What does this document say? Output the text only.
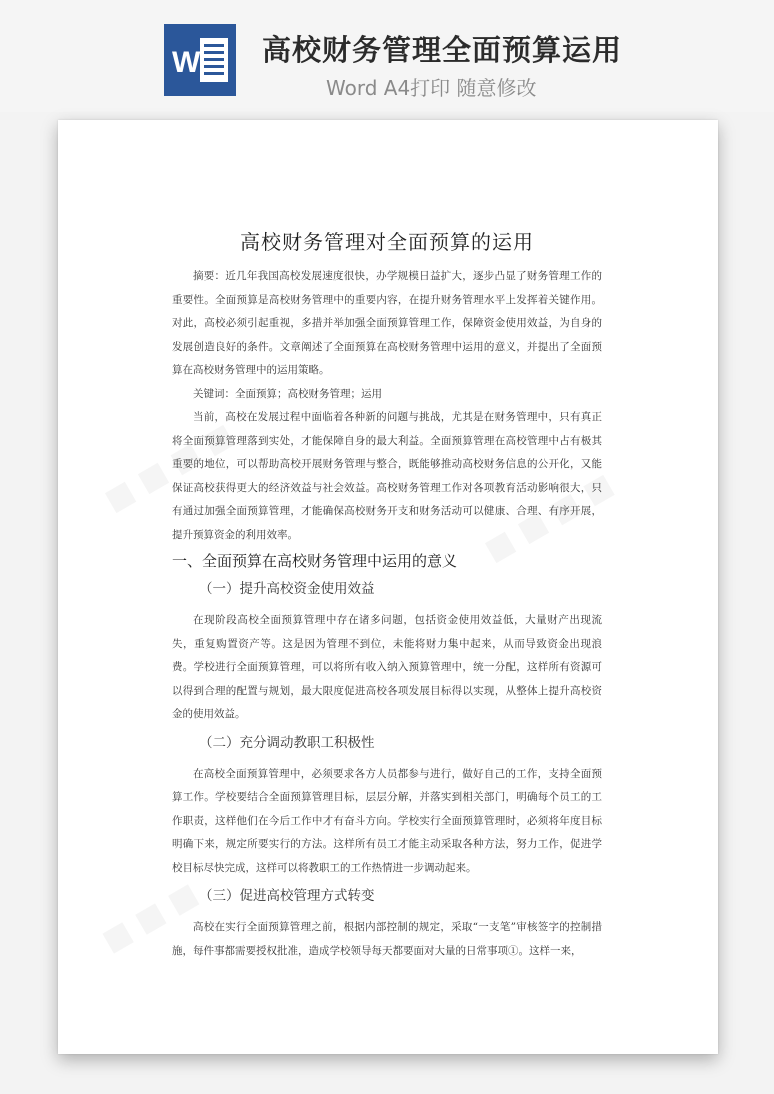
W 高校财务管理全面预算运用
Word A4打印 随意修改
■ ■ ■ ■	■ ■ ■ ■
■ ■ ■
高校财务管理对全面预算的运用

摘要：近几年我国高校发展速度很快，办学规模日益扩大，逐步凸显了财务管理工作的重要性。全面预算是高校财务管理中的重要内容，在提升财务管理水平上发挥着关键作用。对此，高校必须引起重视，多措并举加强全面预算管理工作，保障资金使用效益，为自身的发展创造良好的条件。文章阐述了全面预算在高校财务管理中运用的意义，并提出了全面预算在高校财务管理中的运用策略。

关键词：全面预算；高校财务管理；运用

当前，高校在发展过程中面临着各种新的问题与挑战，尤其是在财务管理中，只有真正将全面预算管理落到实处，才能保障自身的最大利益。全面预算管理在高校管理中占有极其重要的地位，可以帮助高校开展财务管理与整合，既能够推动高校财务信息的公开化，又能保证高校获得更大的经济效益与社会效益。高校财务管理工作对各项教育活动影响很大，只有通过加强全面预算管理，才能确保高校财务开支和财务活动可以健康、合理、有序开展，提升预算资金的利用效率。

一、全面预算在高校财务管理中运用的意义
（一）提升高校资金使用效益

在现阶段高校全面预算管理中存在诸多问题，包括资金使用效益低，大量财产出现流失，重复购置资产等。这是因为管理不到位，未能将财力集中起来，从而导致资金出现浪费。学校进行全面预算管理，可以将所有收入纳入预算管理中，统一分配，这样所有资源可以得到合理的配置与规划，最大限度促进高校各项发展目标得以实现，从整体上提升高校资金的使用效益。

（二）充分调动教职工积极性

在高校全面预算管理中，必须要求各方人员都参与进行，做好自己的工作，支持全面预算工作。学校要结合全面预算管理目标，层层分解，并落实到相关部门，明确每个员工的工作职责，这样他们在今后工作中才有奋斗方向。学校实行全面预算管理时，必须将年度目标明确下来，规定所要实行的方法。这样所有员工才能主动采取各种方法，努力工作，促进学校目标尽快完成，这样可以将教职工的工作热情进一步调动起来。

（三）促进高校管理方式转变

高校在实行全面预算管理之前，根据内部控制的规定，采取“一支笔”审核签字的控制措施，每件事都需要授权批准，造成学校领导每天都要面对大量的日常事项①。这样一来，
